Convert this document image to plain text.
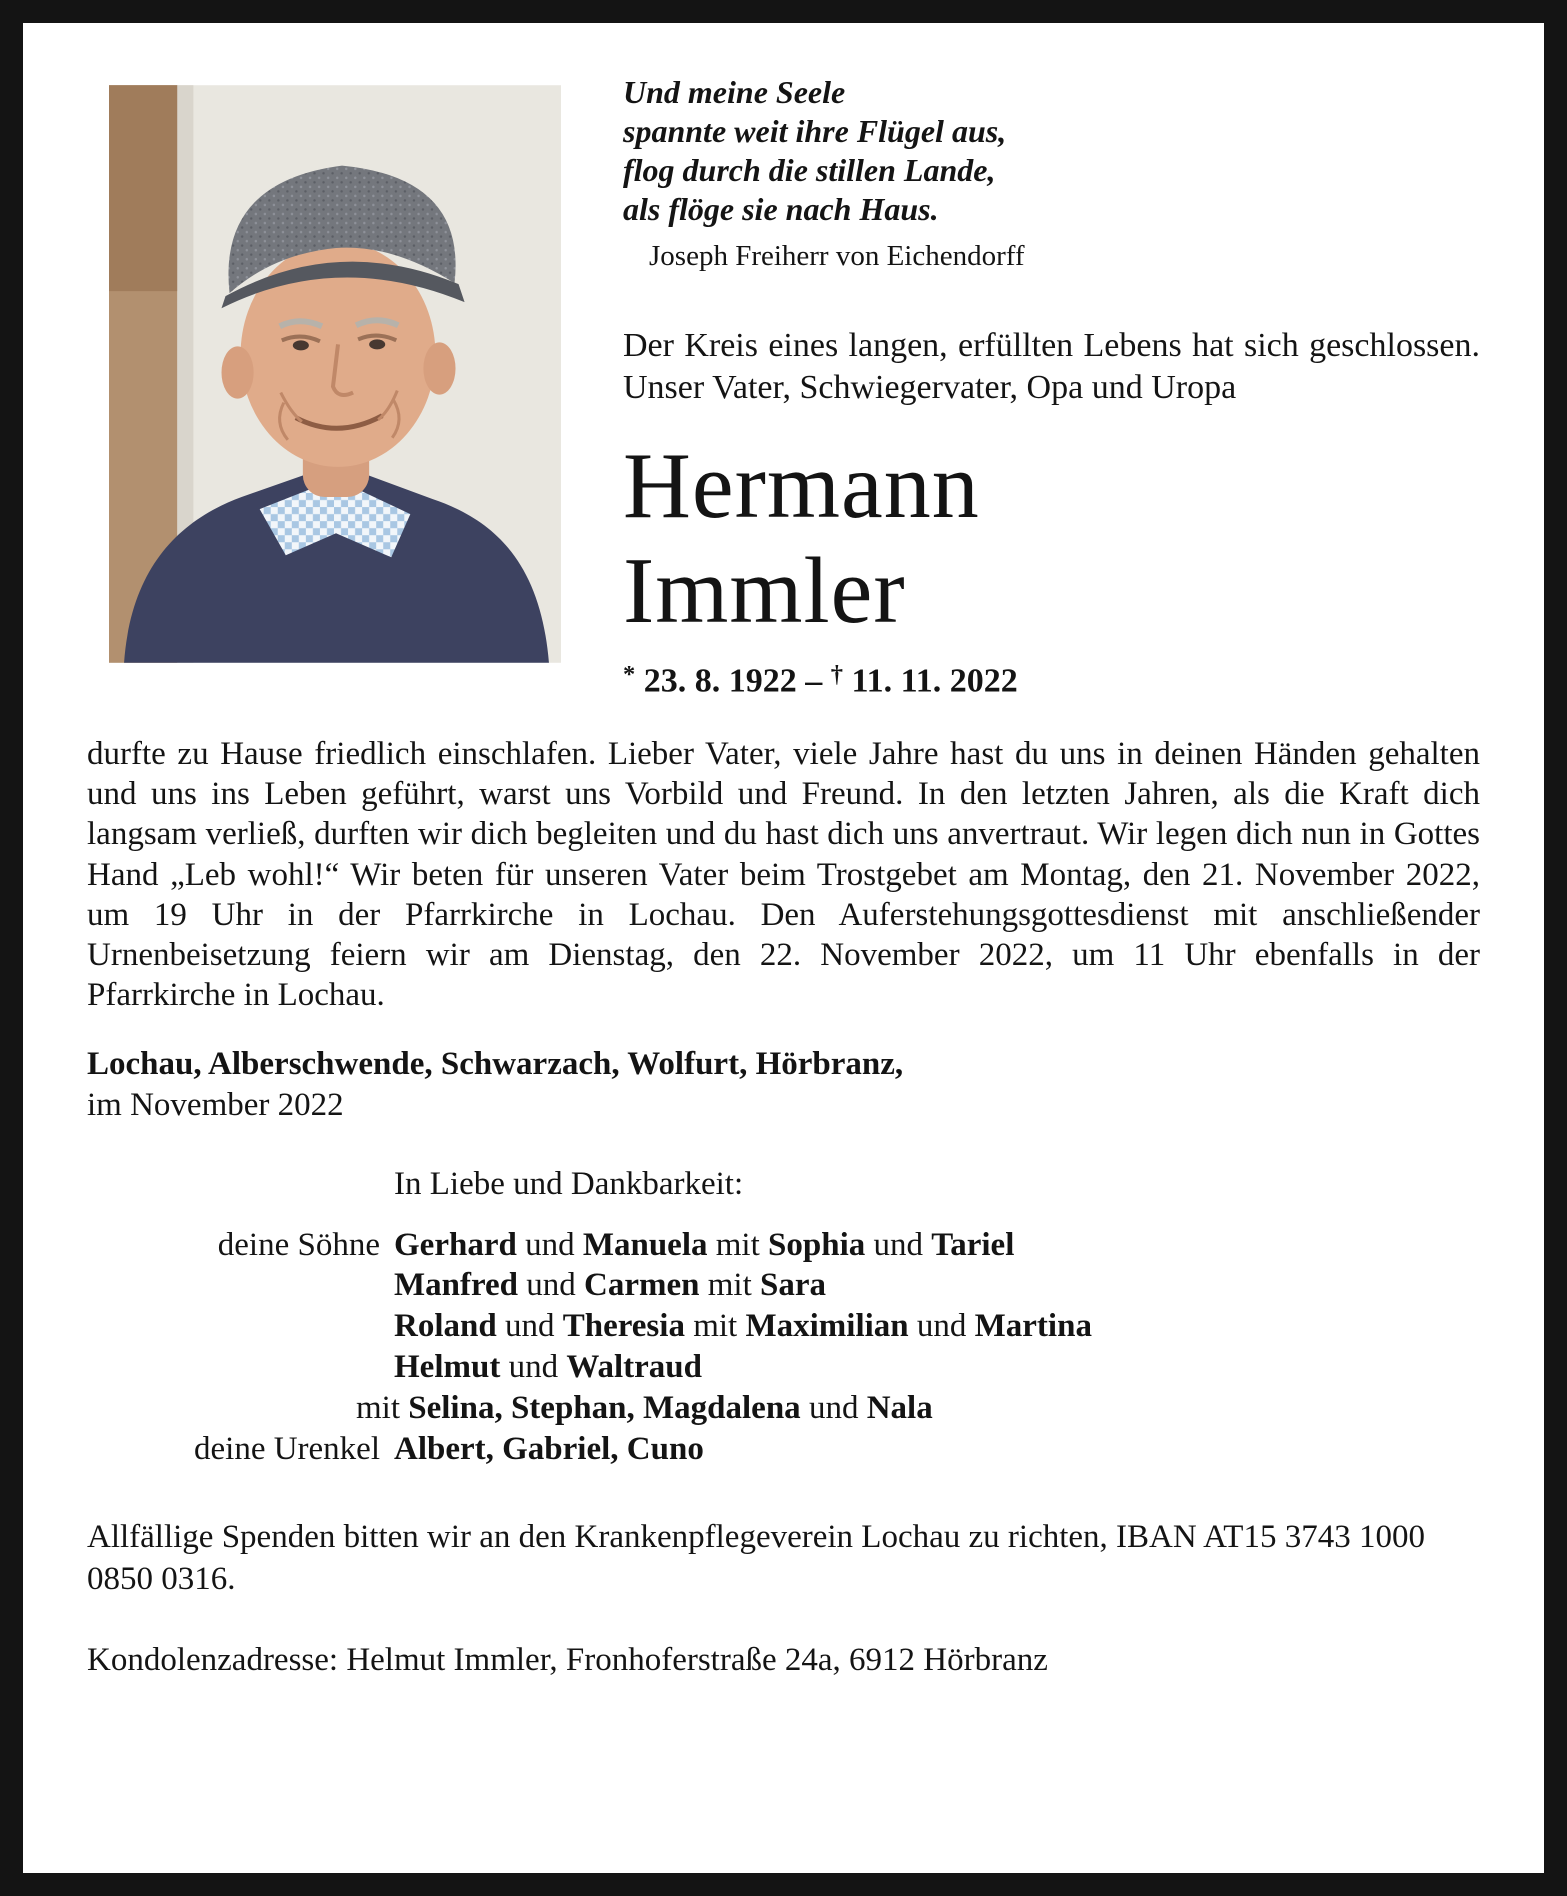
Und meine Seele
spannte weit ihre Flügel aus,
flog durch die stillen Lande,
als flöge sie nach Haus.
Joseph Freiherr von Eichendorff

Der Kreis eines langen, erfüllten Lebens hat sich geschlossen. Unser Vater, Schwiegervater, Opa und Uropa

Hermann
Immler
* 23. 8. 1922 – † 11. 11. 2022

durfte zu Hause friedlich einschlafen. Lieber Vater, viele Jahre hast du uns in deinen Händen gehalten und uns ins Leben geführt, warst uns Vorbild und Freund. In den letzten Jahren, als die Kraft dich langsam verließ, durften wir dich begleiten und du hast dich uns anvertraut. Wir legen dich nun in Gottes Hand „Leb wohl!“ Wir beten für unseren Vater beim Trostgebet am Montag, den 21. November 2022, um 19 Uhr in der Pfarrkirche in Lochau. Den Auferstehungsgottesdienst mit anschließender Urnenbeisetzung feiern wir am Dienstag, den 22. November 2022, um 11 Uhr ebenfalls in der Pfarrkirche in Lochau.

Lochau, Alberschwende, Schwarzach, Wolfurt, Hörbranz,
im November 2022
In Liebe und Dankbarkeit:
deine Söhne Gerhard und Manuela mit Sophia und Tariel
Manfred und Carmen mit Sara
Roland und Theresia mit Maximilian und Martina
Helmut und Waltraud
mit Selina, Stephan, Magdalena und Nala
deine Urenkel Albert, Gabriel, Cuno

Allfällige Spenden bitten wir an den Krankenpflegeverein Lochau zu richten, IBAN AT15 3743 1000 0850 0316.

Kondolenzadresse: Helmut Immler, Fronhoferstraße 24a, 6912 Hörbranz
